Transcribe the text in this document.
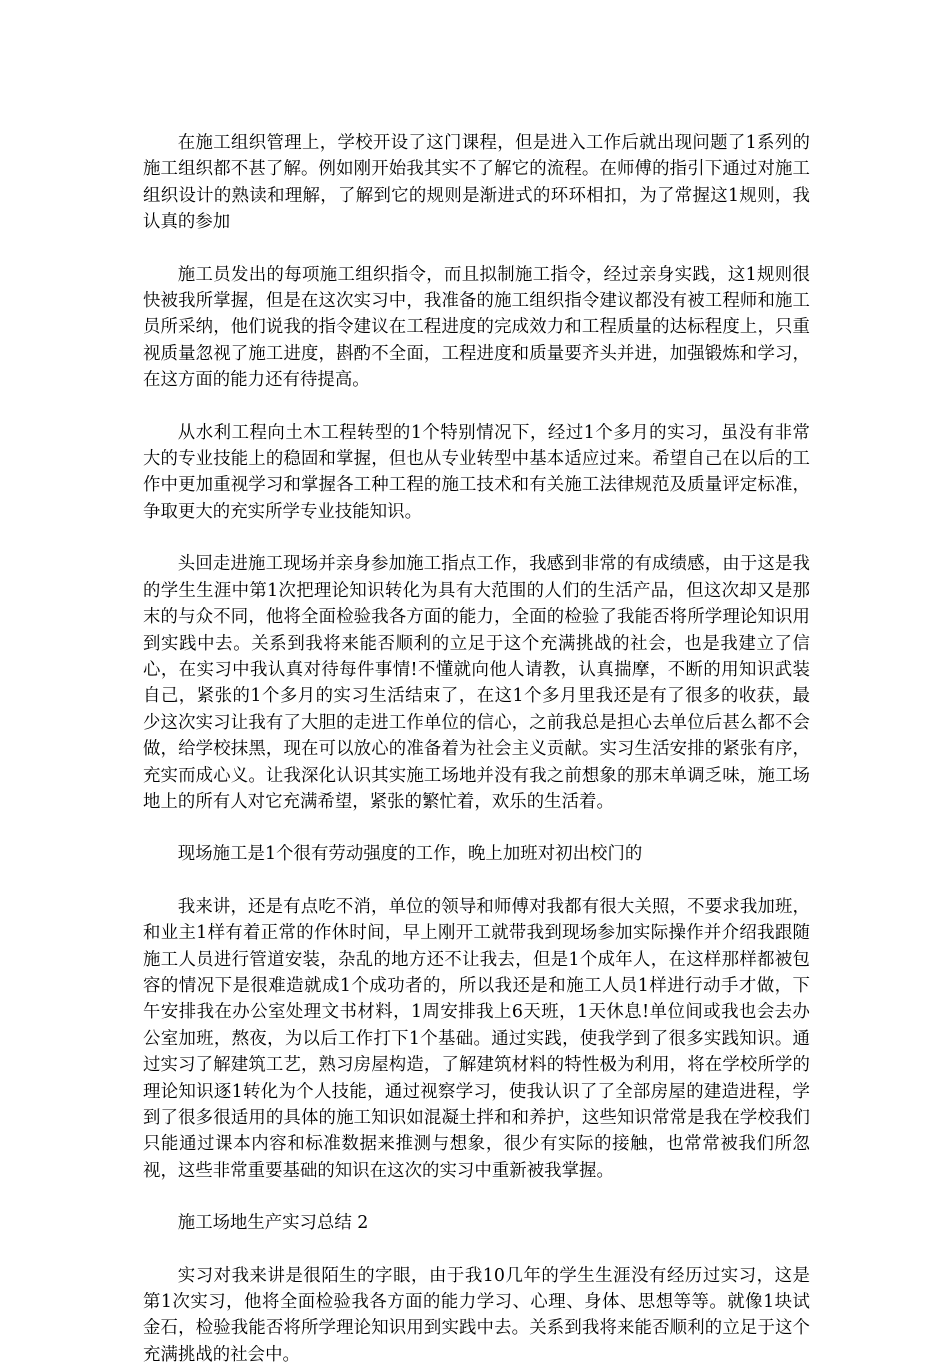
在施工组织管理上，学校开设了这门课程，但是进入工作后就出现问题了1系列的施工组织都不甚了解。例如刚开始我其实不了解它的流程。在师傅的指引下通过对施工组织设计的熟读和理解，了解到它的规则是渐进式的环环相扣，为了常握这1规则，我认真的参加

施工员发出的每项施工组织指令，而且拟制施工指令，经过亲身实践，这1规则很快被我所掌握，但是在这次实习中，我准备的施工组织指令建议都没有被工程师和施工员所采纳，他们说我的指令建议在工程进度的完成效力和工程质量的达标程度上，只重视质量忽视了施工进度，斟酌不全面，工程进度和质量要齐头并进，加强锻炼和学习，在这方面的能力还有待提高。

从水利工程向土木工程转型的1个特别情况下，经过1个多月的实习，虽没有非常大的专业技能上的稳固和掌握，但也从专业转型中基本适应过来。希望自己在以后的工作中更加重视学习和掌握各工种工程的施工技术和有关施工法律规范及质量评定标准，争取更大的充实所学专业技能知识。

头回走进施工现场并亲身参加施工指点工作，我感到非常的有成绩感，由于这是我的学生生涯中第1次把理论知识转化为具有大范围的人们的生活产品，但这次却又是那末的与众不同，他将全面检验我各方面的能力，全面的检验了我能否将所学理论知识用到实践中去。关系到我将来能否顺利的立足于这个充满挑战的社会，也是我建立了信心，在实习中我认真对待每件事情!不懂就向他人请教，认真揣摩，不断的用知识武装自己，紧张的1个多月的实习生活结束了，在这1个多月里我还是有了很多的收获，最少这次实习让我有了大胆的走进工作单位的信心，之前我总是担心去单位后甚么都不会做，给学校抹黑，现在可以放心的准备着为社会主义贡献。实习生活安排的紧张有序，充实而成心义。让我深化认识其实施工场地并没有我之前想象的那末单调乏味，施工场地上的所有人对它充满希望，紧张的繁忙着，欢乐的生活着。

现场施工是1个很有劳动强度的工作，晚上加班对初出校门的

我来讲，还是有点吃不消，单位的领导和师傅对我都有很大关照，不要求我加班，和业主1样有着正常的作休时间，早上刚开工就带我到现场参加实际操作并介绍我跟随施工人员进行管道安装，杂乱的地方还不让我去，但是1个成年人，在这样那样都被包容的情况下是很难造就成1个成功者的，所以我还是和施工人员1样进行动手才做，下午安排我在办公室处理文书材料，1周安排我上6天班，1天休息!单位间或我也会去办公室加班，熬夜，为以后工作打下1个基础。通过实践，使我学到了很多实践知识。通过实习了解建筑工艺，熟习房屋构造，了解建筑材料的特性极为利用，将在学校所学的理论知识逐1转化为个人技能，通过视察学习，使我认识了了全部房屋的建造进程，学到了很多很适用的具体的施工知识如混凝土拌和和养护，这些知识常常是我在学校我们只能通过课本内容和标准数据来推测与想象，很少有实际的接触，也常常被我们所忽视，这些非常重要基础的知识在这次的实习中重新被我掌握。

施工场地生产实习总结 2

实习对我来讲是很陌生的字眼，由于我10几年的学生生涯没有经历过实习，这是第1次实习，他将全面检验我各方面的能力学习、心理、身体、思想等等。就像1块试金石，检验我能否将所学理论知识用到实践中去。关系到我将来能否顺利的立足于这个充满挑战的社会中。
